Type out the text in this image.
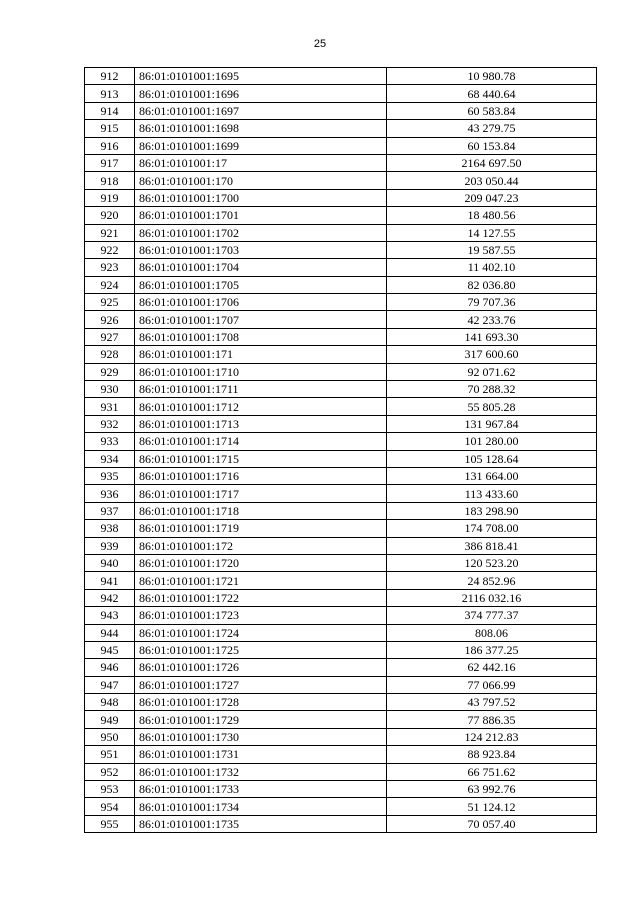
25
912	86:01:0101001:1695	10 980.78
913	86:01:0101001:1696	68 440.64
914	86:01:0101001:1697	60 583.84
915	86:01:0101001:1698	43 279.75
916	86:01:0101001:1699	60 153.84
917	86:01:0101001:17	2164 697.50
918	86:01:0101001:170	203 050.44
919	86:01:0101001:1700	209 047.23
920	86:01:0101001:1701	18 480.56
921	86:01:0101001:1702	14 127.55
922	86:01:0101001:1703	19 587.55
923	86:01:0101001:1704	11 402.10
924	86:01:0101001:1705	82 036.80
925	86:01:0101001:1706	79 707.36
926	86:01:0101001:1707	42 233.76
927	86:01:0101001:1708	141 693.30
928	86:01:0101001:171	317 600.60
929	86:01:0101001:1710	92 071.62
930	86:01:0101001:1711	70 288.32
931	86:01:0101001:1712	55 805.28
932	86:01:0101001:1713	131 967.84
933	86:01:0101001:1714	101 280.00
934	86:01:0101001:1715	105 128.64
935	86:01:0101001:1716	131 664.00
936	86:01:0101001:1717	113 433.60
937	86:01:0101001:1718	183 298.90
938	86:01:0101001:1719	174 708.00
939	86:01:0101001:172	386 818.41
940	86:01:0101001:1720	120 523.20
941	86:01:0101001:1721	24 852.96
942	86:01:0101001:1722	2116 032.16
943	86:01:0101001:1723	374 777.37
944	86:01:0101001:1724	808.06
945	86:01:0101001:1725	186 377.25
946	86:01:0101001:1726	62 442.16
947	86:01:0101001:1727	77 066.99
948	86:01:0101001:1728	43 797.52
949	86:01:0101001:1729	77 886.35
950	86:01:0101001:1730	124 212.83
951	86:01:0101001:1731	88 923.84
952	86:01:0101001:1732	66 751.62
953	86:01:0101001:1733	63 992.76
954	86:01:0101001:1734	51 124.12
955	86:01:0101001:1735	70 057.40
